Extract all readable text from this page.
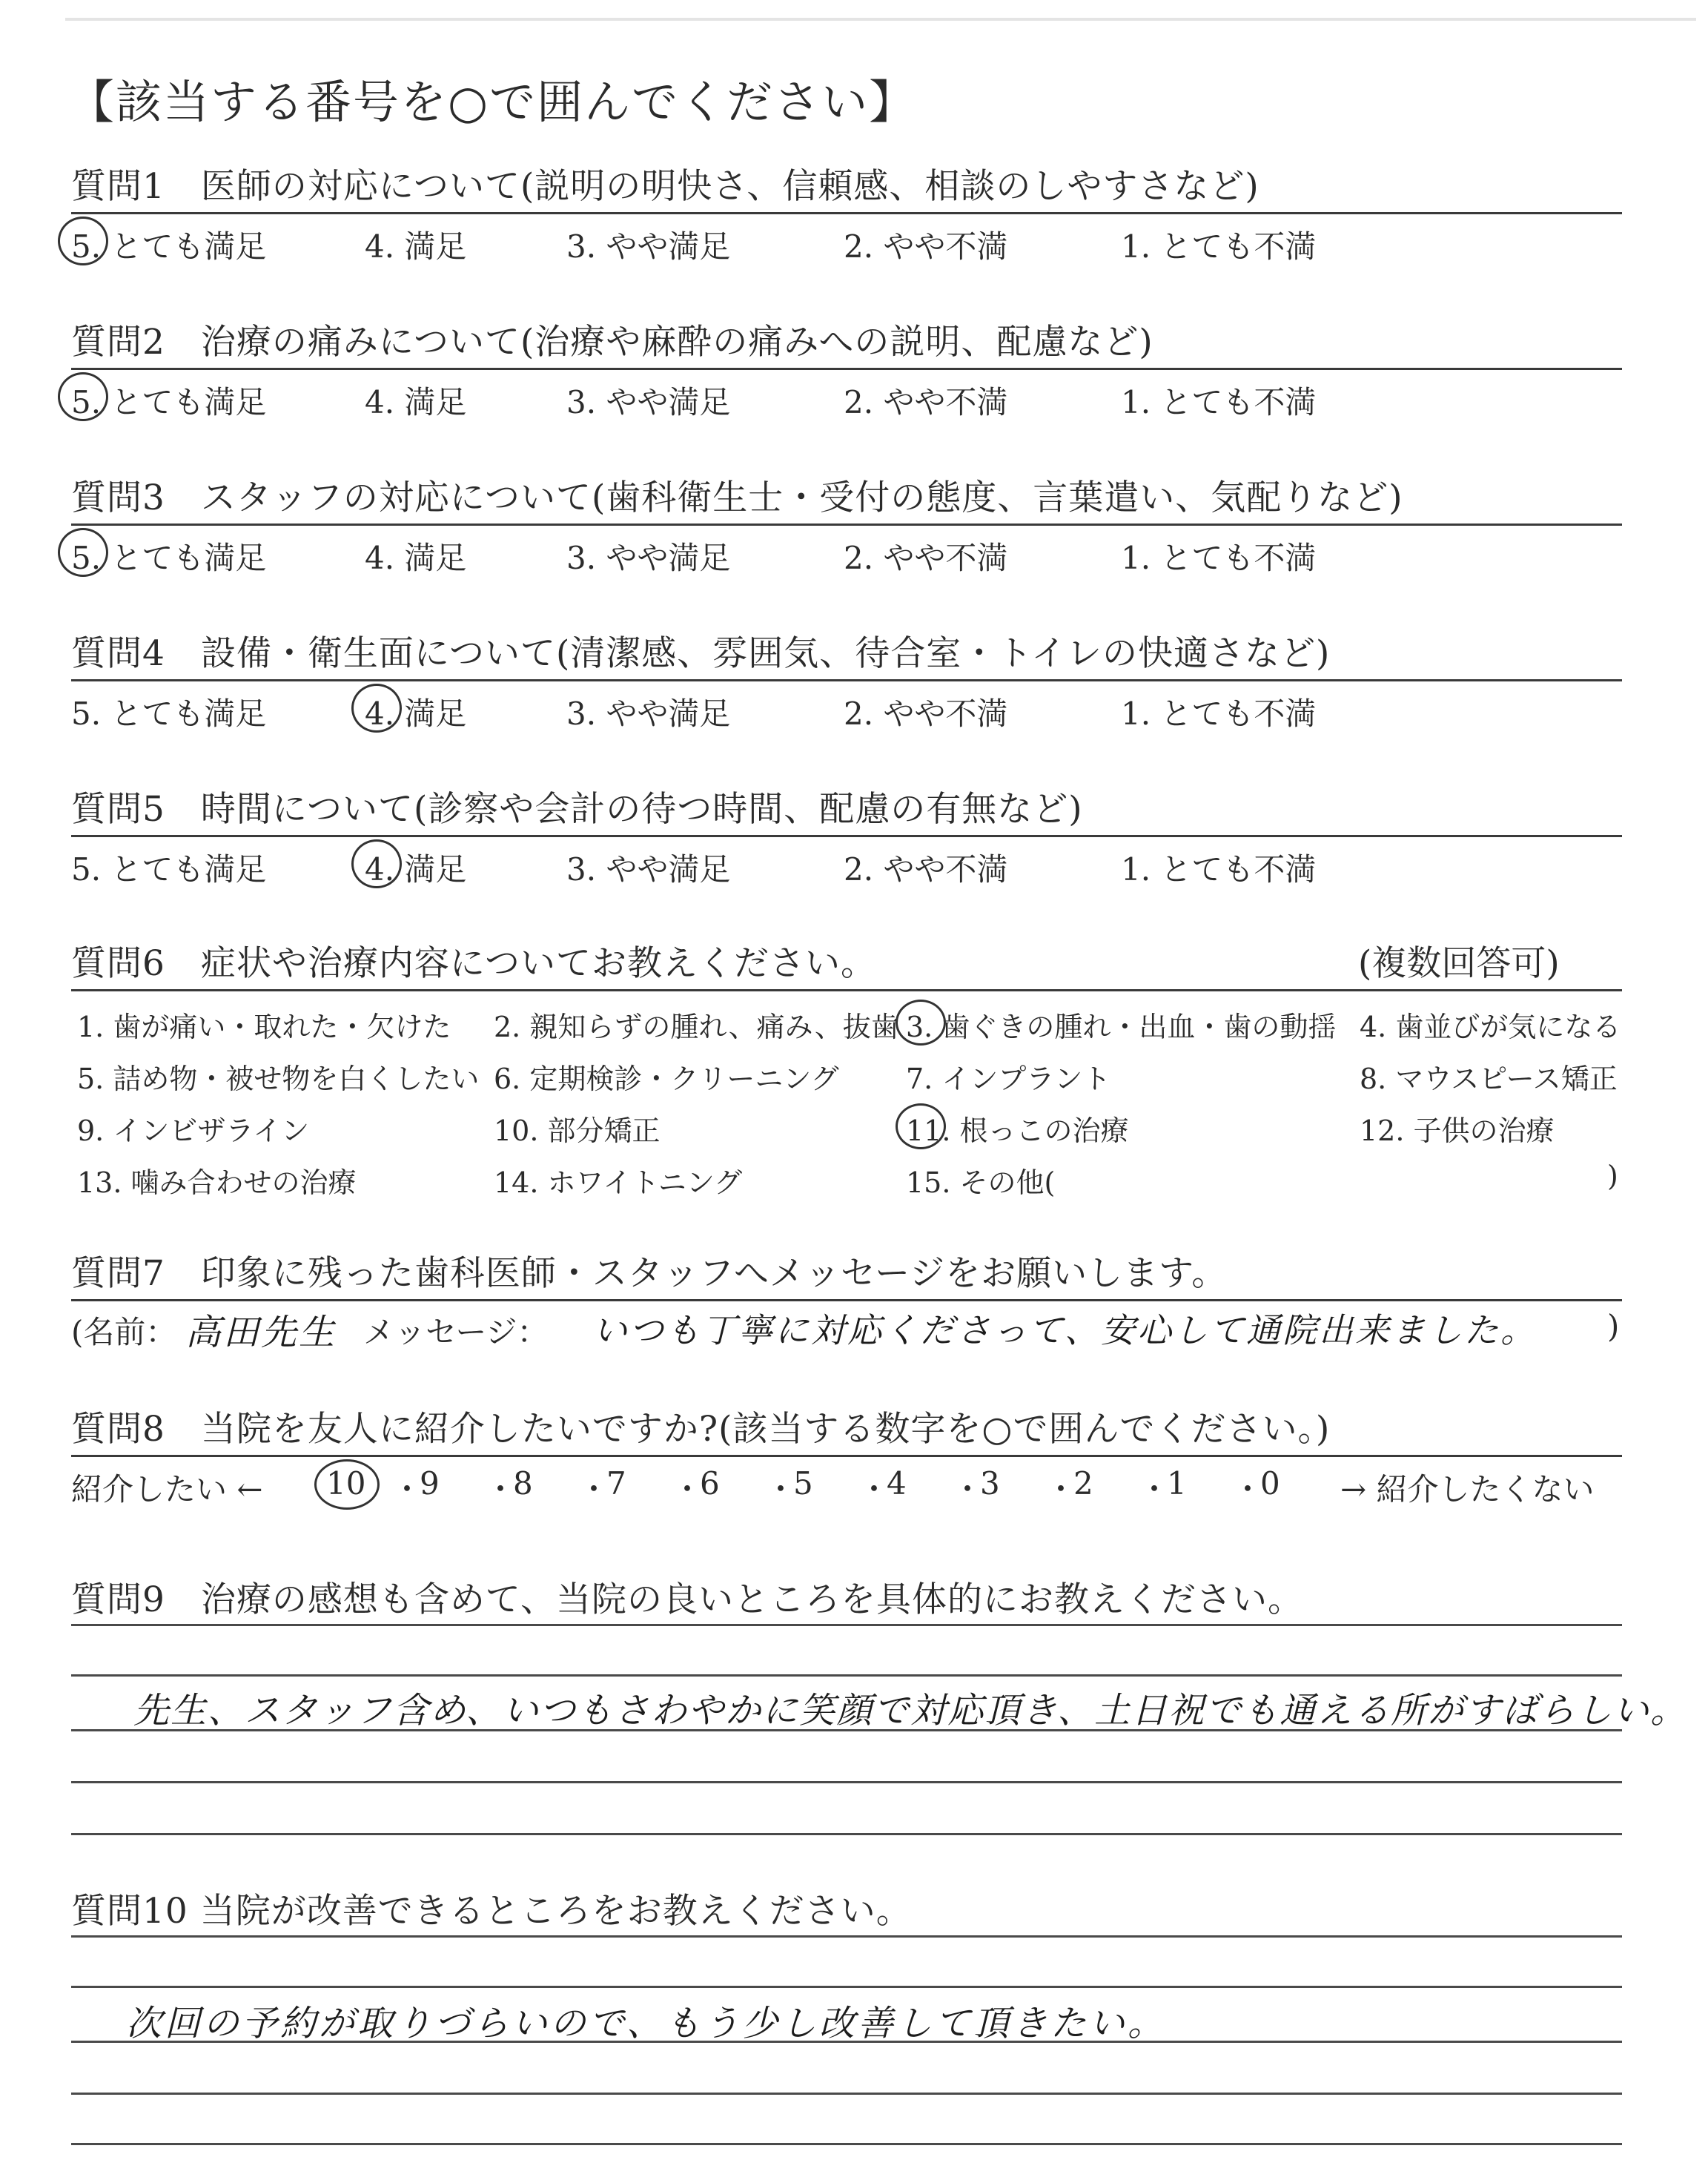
【該当する番号を○で囲んでください】
質問1　医師の対応について(説明の明快さ、信頼感、相談のしやすさなど)
5. とても満足	4. 満足	3. やや満足	2. やや不満	1. とても不満
質問2　治療の痛みについて(治療や麻酔の痛みへの説明、配慮など)
5. とても満足	4. 満足	3. やや満足	2. やや不満	1. とても不満
質問3　スタッフの対応について(歯科衛生士・受付の態度、言葉遣い、気配りなど)
5. とても満足	4. 満足	3. やや満足	2. やや不満	1. とても不満
質問4　設備・衛生面について(清潔感、雰囲気、待合室・トイレの快適さなど)
5. とても満足	4. 満足	3. やや満足	2. やや不満	1. とても不満
質問5　時間について(診察や会計の待つ時間、配慮の有無など)
5. とても満足	4. 満足	3. やや満足	2. やや不満	1. とても不満
質問6　症状や治療内容についてお教えください。	(複数回答可)
1. 歯が痛い・取れた・欠けた 2. 親知らずの腫れ、痛み、抜歯 3. 歯ぐきの腫れ・出血・歯の動揺 4. 歯並びが気になる
5. 詰め物・被せ物を白くしたい 6. 定期検診・クリーニング 7. インプラント	8. マウスピース矯正
9. インビザライン	10. 部分矯正	11. 根っこの治療	12. 子供の治療
13. 噛み合わせの治療	14. ホワイトニング	15. その他(	)
質問7　印象に残った歯科医師・スタッフへメッセージをお願いします。
(名前： 高田先生 メッセージ： いつも丁寧に対応くださって、安心して通院出来ました。 )
質問8　当院を友人に紹介したいですか?(該当する数字を○で囲んでください。)
紹介したい ← 10 ・
9 ・
8 ・
7 ・
6 ・
5 ・
4 ・
3 ・
2 ・
1 ・
0 → 紹介したくない
質問9　治療の感想も含めて、当院の良いところを具体的にお教えください。
先生、スタッフ含め、いつもさわやかに笑顔で対応頂き、土日祝でも通える所がすばらしい。
質問10 当院が改善できるところをお教えください。
次回の予約が取りづらいので、もう少し改善して頂きたい。
